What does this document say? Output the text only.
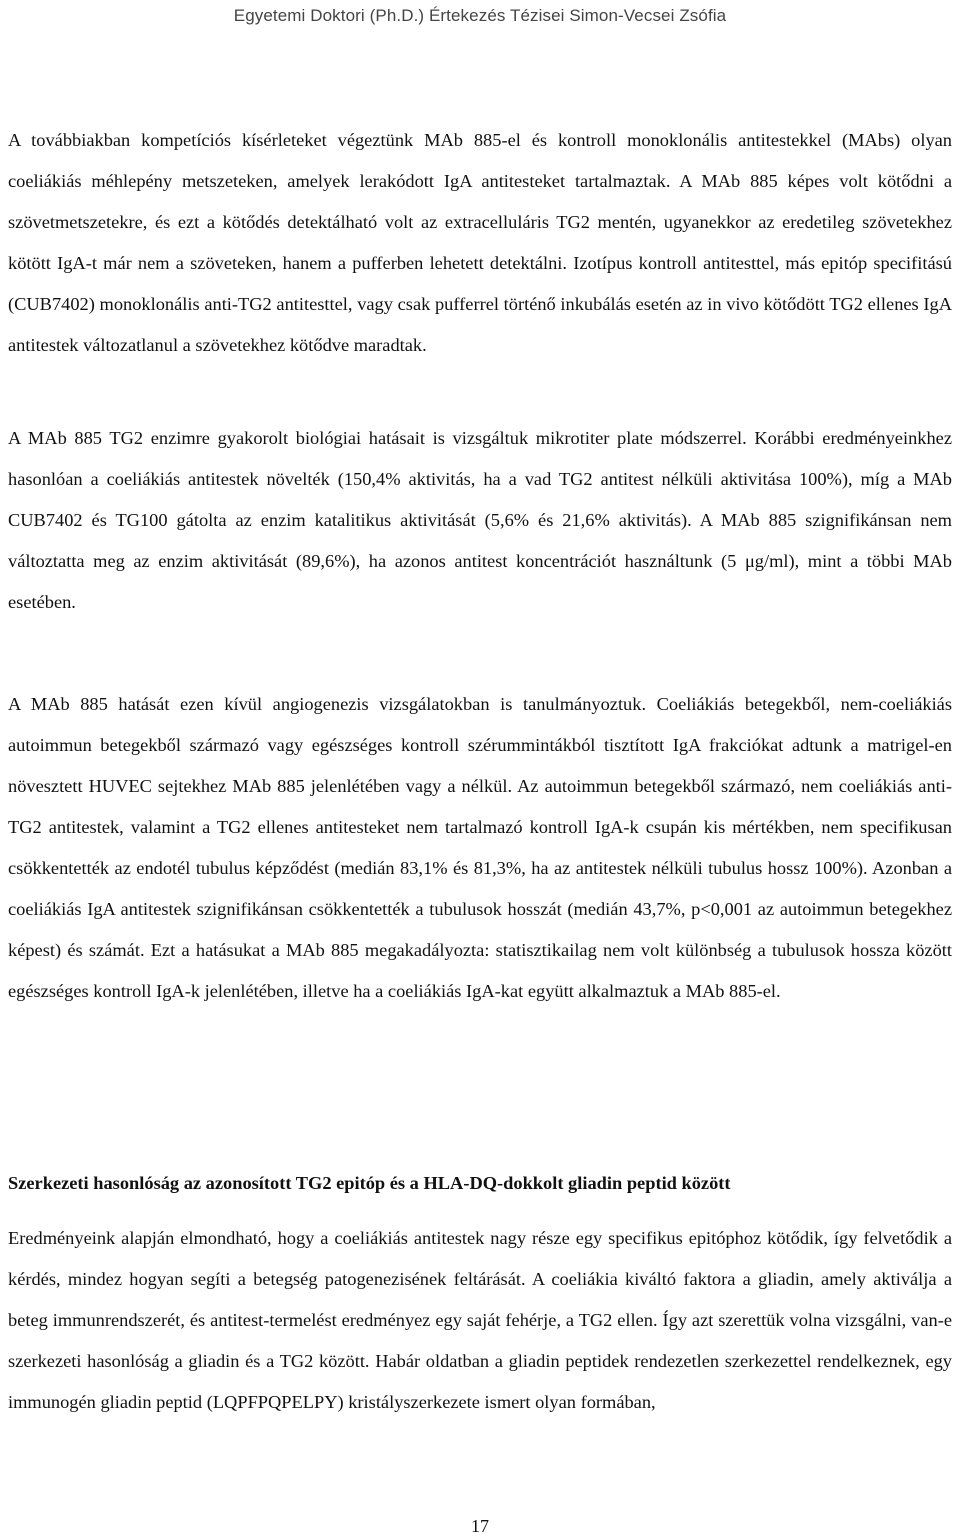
Egyetemi Doktori (Ph.D.) Értekezés Tézisei Simon-Vecsei Zsófia

A továbbiakban kompetíciós kísérleteket végeztünk MAb 885-el és kontroll monoklonális antitestekkel (MAbs) olyan coeliákiás méhlepény metszeteken, amelyek lerakódott IgA antitesteket tartalmaztak. A MAb 885 képes volt kötődni a szövetmetszetekre, és ezt a kötődés detektálható volt az extracelluláris TG2 mentén, ugyanekkor az eredetileg szövetekhez kötött IgA-t már nem a szöveteken, hanem a pufferben lehetett detektálni. Izotípus kontroll antitesttel, más epitóp specifitású (CUB7402) monoklonális anti-TG2 antitesttel, vagy csak pufferrel történő inkubálás esetén az in vivo kötődött TG2 ellenes IgA antitestek változatlanul a szövetekhez kötődve maradtak.

A MAb 885 TG2 enzimre gyakorolt biológiai hatásait is vizsgáltuk mikrotiter plate módszerrel. Korábbi eredményeinkhez hasonlóan a coeliákiás antitestek növelték (150,4% aktivitás, ha a vad TG2 antitest nélküli aktivitása 100%), míg a MAb CUB7402 és TG100 gátolta az enzim katalitikus aktivitását (5,6% és 21,6% aktivitás). A MAb 885 szignifikánsan nem változtatta meg az enzim aktivitását (89,6%), ha azonos antitest koncentrációt használtunk (5 μg/ml), mint a többi MAb esetében.

A MAb 885 hatását ezen kívül angiogenezis vizsgálatokban is tanulmányoztuk. Coeliákiás betegekből, nem-coeliákiás autoimmun betegekből származó vagy egészséges kontroll szérummintákból tisztított IgA frakciókat adtunk a matrigel-en növesztett HUVEC sejtekhez MAb 885 jelenlétében vagy a nélkül. Az autoimmun betegekből származó, nem coeliákiás anti-TG2 antitestek, valamint a TG2 ellenes antitesteket nem tartalmazó kontroll IgA-k csupán kis mértékben, nem specifikusan csökkentették az endotél tubulus képződést (medián 83,1% és 81,3%, ha az antitestek nélküli tubulus hossz 100%). Azonban a coeliákiás IgA antitestek szignifikánsan csökkentették a tubulusok hosszát (medián 43,7%, p<0,001 az autoimmun betegekhez képest) és számát. Ezt a hatásukat a MAb 885 megakadályozta: statisztikailag nem volt különbség a tubulusok hossza között egészséges kontroll IgA-k jelenlétében, illetve ha a coeliákiás IgA-kat együtt alkalmaztuk a MAb 885-el.

Szerkezeti hasonlóság az azonosított TG2 epitóp és a HLA-DQ-dokkolt gliadin peptid között

Eredményeink alapján elmondható, hogy a coeliákiás antitestek nagy része egy specifikus epitóphoz kötődik, így felvetődik a kérdés, mindez hogyan segíti a betegség patogenezisének feltárását. A coeliákia kiváltó faktora a gliadin, amely aktiválja a beteg immunrendszerét, és antitest-termelést eredményez egy saját fehérje, a TG2 ellen. Így azt szerettük volna vizsgálni, van-e szerkezeti hasonlóság a gliadin és a TG2 között. Habár oldatban a gliadin peptidek rendezetlen szerkezettel rendelkeznek, egy immunogén gliadin peptid (LQPFPQPELPY) kristályszerkezete ismert olyan formában,

17
